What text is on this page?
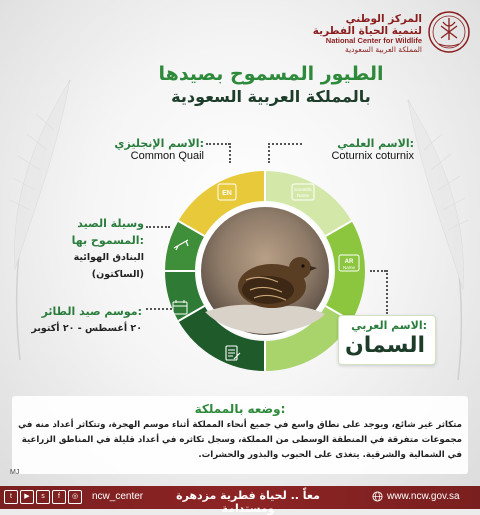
المركز الوطني
لتنمية الحياة الفطرية
National Center for Wildlife
المملكة العربية السعودية
الطيور المسموح بصيدها
بالمملكة العربية السعودية
EN
Scientific
Name
AR
Name
الاسم الإنجليزي:
Common Quail
الاسم العلمي:
Coturnix coturnix
وسيلة الصيد
المسموح بها:
البنادق الهوائية
(الساكتون)
موسم صيد الطائر:
٢٠ أغسطس - ٢٠ أكتوبر	الاسم العربي:
السمان
وضعه بالمملكة:
متكاثر غير شائع، ويوجد على نطاق واسع في جميع أنحاء المملكة أثناء موسم الهجرة، وتتكاثر أعداد منه في مجموعات متفرقة في المنطقة الوسطى من المملكة، وسجل تكاثره في أعداد قليلة في المناطق الزراعية في الشمالية والشرقية. يتغذى على الحبوب والبذور والحشرات.
MJ
t	▶	s	f	◎	ncw_center	معاً .. لحياة فطرية مزدهرة ومستدامة
www.ncw.gov.sa
